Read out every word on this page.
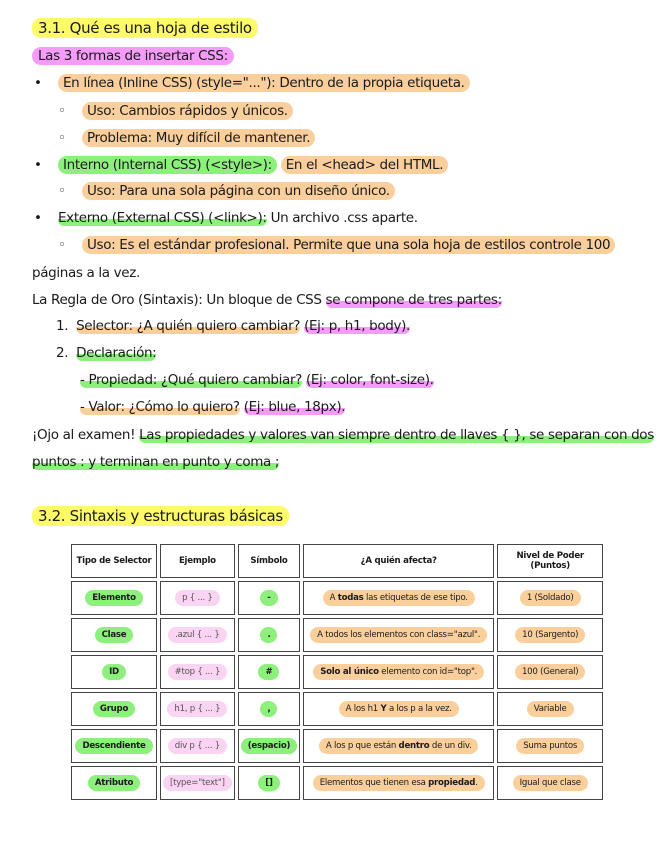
3.1. Qué es una hoja de estilo
Las 3 formas de insertar CSS:
• En línea (Inline CSS) (style="..."): Dentro de la propia etiqueta.
◦ Uso: Cambios rápidos y únicos.
◦ Problema: Muy difícil de mantener.
• Interno (Internal CSS) (<style>): En el <head> del HTML.
◦ Uso: Para una sola página con un diseño único.
• Externo (External CSS) (<link>): Un archivo .css aparte.
◦ Uso: Es el estándar profesional. Permite que una sola hoja de estilos controle 100
páginas a la vez.
La Regla de Oro (Sintaxis): Un bloque de CSS se compone de tres partes:
1. Selector: ¿A quién quiero cambiar? (Ej: p, h1, body).
2. Declaración:
- Propiedad: ¿Qué quiero cambiar? (Ej: color, font-size).
- Valor: ¿Cómo lo quiero? (Ej: blue, 18px).
¡Ojo al examen! Las propiedades y valores van siempre dentro de llaves { }, se separan con dos
puntos : y terminan en punto y coma ;
3.2. Sintaxis y estructuras básicas
Tipo de Selector	Ejemplo	Símbolo	¿A quién afecta?	Nivel de Poder (Puntos)
Elemento	p { ... }	-	A todas las etiquetas de ese tipo.	1 (Soldado)
Clase	.azul { ... }	.	A todos los elementos con class="azul".	10 (Sargento)
ID	#top { ... }	#	Solo al único elemento con id="top".	100 (General)
Grupo	h1, p { ... }	,	A los h1 Y a los p a la vez.	Variable
Descendiente	div p { ... }	(espacio)	A los p que están dentro de un div.	Suma puntos
Atributo	[type="text"]	[]	Elementos que tienen esa propiedad.	Igual que clase
